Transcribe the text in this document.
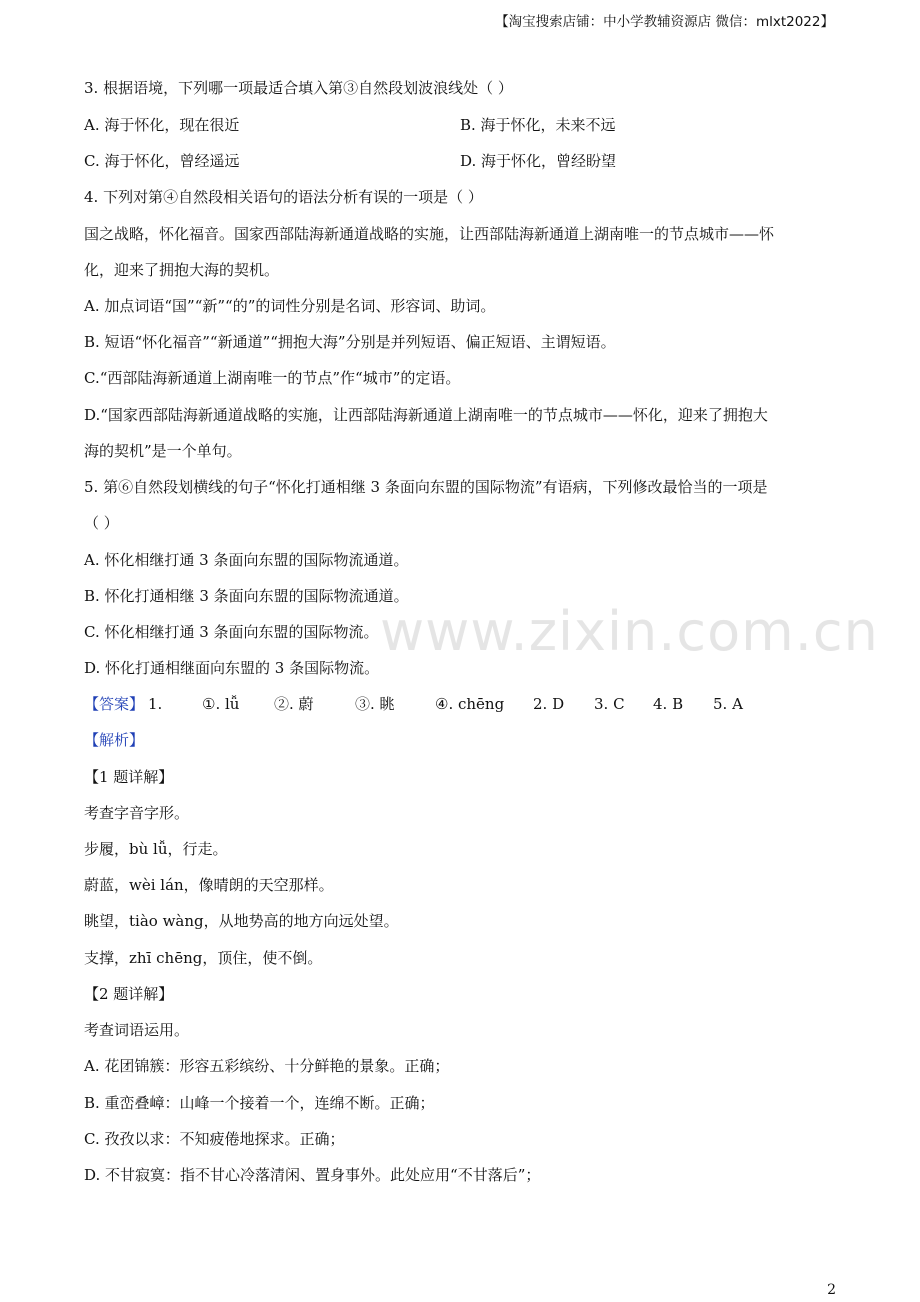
【淘宝搜索店铺：中小学教辅资源店 微信：mlxt2022】
3. 根据语境，下列哪一项最适合填入第③自然段划波浪线处（ ）
A. 海于怀化，现在很近	B. 海于怀化，未来不远
C. 海于怀化，曾经遥远	D. 海于怀化，曾经盼望
4. 下列对第④自然段相关语句的语法分析有误的一项是（ ）
国之战略，怀化福音。国家西部陆海新通道战略的实施，让西部陆海新通道上湖南唯一的节点城市——怀
化，迎来了拥抱大海的契机。
A. 加点词语“国”“新”“的”的词性分别是名词、形容词、助词。
B. 短语“怀化福音”“新通道”“拥抱大海”分别是并列短语、偏正短语、主谓短语。
C.“西部陆海新通道上湖南唯一的节点”作“城市”的定语。
D.“国家西部陆海新通道战略的实施，让西部陆海新通道上湖南唯一的节点城市——怀化，迎来了拥抱大
海的契机”是一个单句。
5. 第⑥自然段划横线的句子“怀化打通相继 3 条面向东盟的国际物流”有语病，下列修改最恰当的一项是
（ ）
A. 怀化相继打通 3 条面向东盟的国际物流通道。
B. 怀化打通相继 3 条面向东盟的国际物流通道。
C. 怀化相继打通 3 条面向东盟的国际物流。
D. 怀化打通相继面向东盟的 3 条国际物流。
【答案】 1.	①. lǚ ②. 蔚	③. 眺	④. chēng 2. D 3. C 4. B 5. A
【解析】
【1 题详解】
考查字音字形。
步履，bù lǚ，行走。
蔚蓝，wèi lán，像晴朗的天空那样。
眺望，tiào wàng，从地势高的地方向远处望。
支撑，zhī chēng，顶住，使不倒。
【2 题详解】
考查词语运用。
A. 花团锦簇：形容五彩缤纷、十分鲜艳的景象。正确；
B. 重峦叠嶂：山峰一个接着一个，连绵不断。正确；
C. 孜孜以求：不知疲倦地探求。正确；
D. 不甘寂寞：指不甘心冷落清闲、置身事外。此处应用“不甘落后”；
www.zixin.com.cn
2
